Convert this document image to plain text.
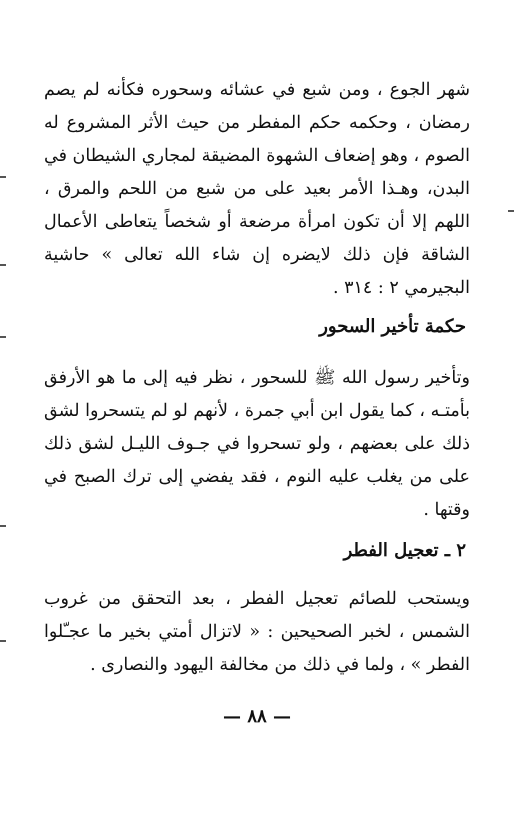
شهر الجوع ، ومن شبع في عشائه وسحوره فكأنه لم يصم رمضان ، وحكمه حكم المفطر من حيث الأثر المشروع له الصوم ، وهو إضعاف الشهوة المضيقة لمجاري الشيطان في البدن، وهـذا الأمر بعيد على من شبع من اللحم والمرق ، اللهم إلا أن تكون امرأة مرضعة أو شخصاً يتعاطى الأعمال الشاقة فإن ذلك لايضره إن شاء الله تعالى » حاشية البجيرمي ٢ : ٣١٤ .
حكمة تأخير السحور
وتأخير رسول الله ﷺ للسحور ، نظر فيه إلى ما هو الأرفق بأمتـه ، كما يقول ابن أبي جمرة ، لأنهم لو لم يتسحروا لشق ذلك على بعضهم ، ولو تسحروا في جـوف الليـل لشق ذلك على من يغلب عليه النوم ، فقد يفضي إلى ترك الصبح في وقتها .
٢ ـ تعجيل الفطر
ويستحب للصائم تعجيل الفطر ، بعد التحقق من غروب الشمس ، لخبر الصحيحين : « لاتزال أمتي بخير ما عجـّلوا الفطر » ، ولما في ذلك من مخالفة اليهود والنصارى .
— ٨٨ —
